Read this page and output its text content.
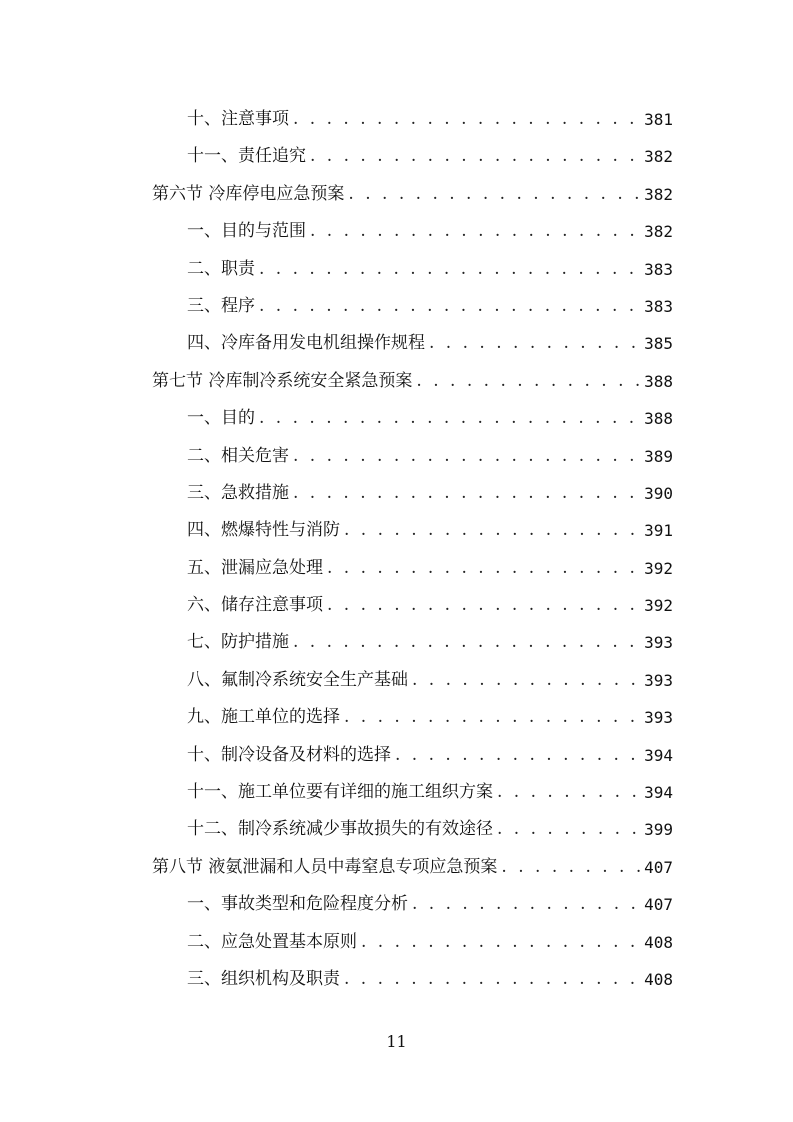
十、注意事项 . . .	381
十一、责任追究 . . .	382
第六节 冷库停电应急预案 . . .	382
一、目的与范围 . . .	382
二、职责 . . .	383
三、程序 . . .	383
四、冷库备用发电机组操作规程 . . .	385
第七节 冷库制冷系统安全紧急预案 . . .	388
一、目的 . . .	388
二、相关危害 . . .	389
三、急救措施 . . .	390
四、燃爆特性与消防 . . .	391
五、泄漏应急处理 . . .	392
六、储存注意事项 . . .	392
七、防护措施 . . .	393
八、氟制冷系统安全生产基础 . . .	393
九、施工单位的选择 . . .	393
十、制冷设备及材料的选择 . . .	394
十一、施工单位要有详细的施工组织方案 . . .	394
十二、制冷系统减少事故损失的有效途径 . . .	399
第八节 液氨泄漏和人员中毒窒息专项应急预案 . . .	407
一、事故类型和危险程度分析 . . .	407
二、应急处置基本原则 . . .	408
三、组织机构及职责 . . .	408
11
